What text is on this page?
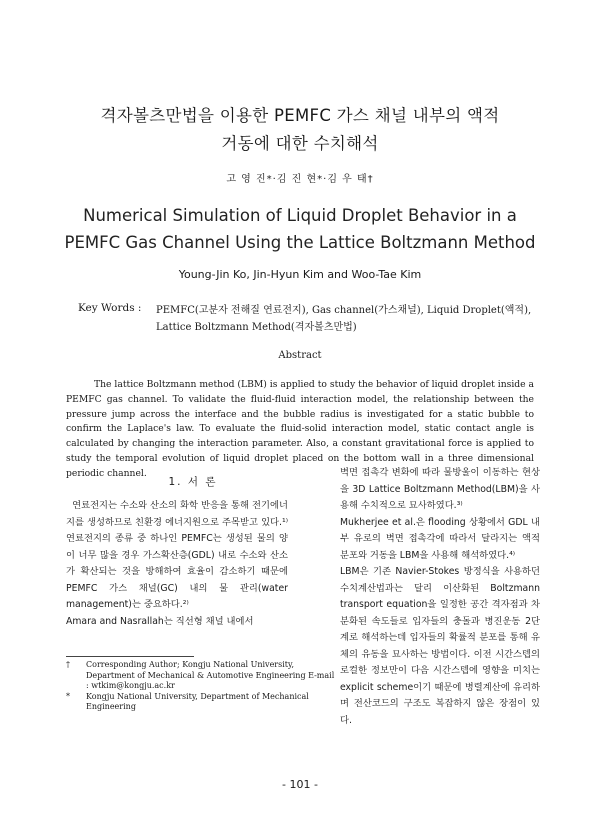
격자볼츠만법을 이용한 PEMFC 가스 채널 내부의 액적
거동에 대한 수치해석
고 영 진*·김 진 현*·김 우 태†
Numerical Simulation of Liquid Droplet Behavior in a
PEMFC Gas Channel Using the Lattice Boltzmann Method
Young-Jin Ko, Jin-Hyun Kim and Woo-Tae Kim
Key Words : PEMFC(고분자 전해질 연료전지), Gas channel(가스채널), Liquid Droplet(액적),
Lattice Boltzmann Method(격자볼츠만법)
Abstract

The lattice Boltzmann method (LBM) is applied to study the behavior of liquid droplet inside a PEMFC gas channel. To validate the fluid-fluid interaction model, the relationship between the pressure jump across the interface and the bubble radius is investigated for a static bubble to confirm the Laplace's law. To evaluate the fluid-solid interaction model, static contact angle is calculated by changing the interaction parameter. Also, a constant gravitational force is applied to study the temporal evolution of liquid droplet placed on the bottom wall in a three dimensional periodic channel.

1. 서 론

연료전지는 수소와 산소의 화학 반응을 통해 전기에너지를 생성하므로 친환경 에너지원으로 주목받고 있다.¹⁾ 연료전지의 종류 중 하나인 PEMFC는 생성된 물의 양이 너무 많을 경우 가스확산층(GDL) 내로 수소와 산소가 확산되는 것을 방해하여 효율이 감소하기 때문에 PEMFC 가스 채널(GC) 내의 물 관리(water management)는 중요하다.²⁾

Amara and Nasrallah는 직선형 채널 내에서

벽면 접촉각 변화에 따라 물방울이 이동하는 현상을 3D Lattice Boltzmann Method(LBM)을 사용해 수치적으로 묘사하였다.³⁾

Mukherjee et al.은 flooding 상황에서 GDL 내부 유로의 벽면 접촉각에 따라서 달라지는 액적 분포와 거동을 LBM을 사용해 해석하였다.⁴⁾

LBM은 기존 Navier-Stokes 방정식을 사용하던 수치계산법과는 달리 이산화된 Boltzmann transport equation을 일정한 공간 격자점과 차분화된 속도들로 입자들의 충돌과 병진운동 2단계로 해석하는데 입자들의 확률적 분포를 통해 유체의 유동을 묘사하는 방법이다. 이전 시간스텝의 로컬한 정보만이 다음 시간스텝에 영향을 미치는 explicit scheme이기 때문에 병렬계산에 유리하며 전산코드의 구조도 복잡하지 않은 장점이 있다.

† Corresponding Author; Kongju National University, Department of Mechanical & Automotive Engineering E-mail : wtkim@kongju.ac.kr
* Kongju National University, Department of Mechanical Engineering
- 101 -
